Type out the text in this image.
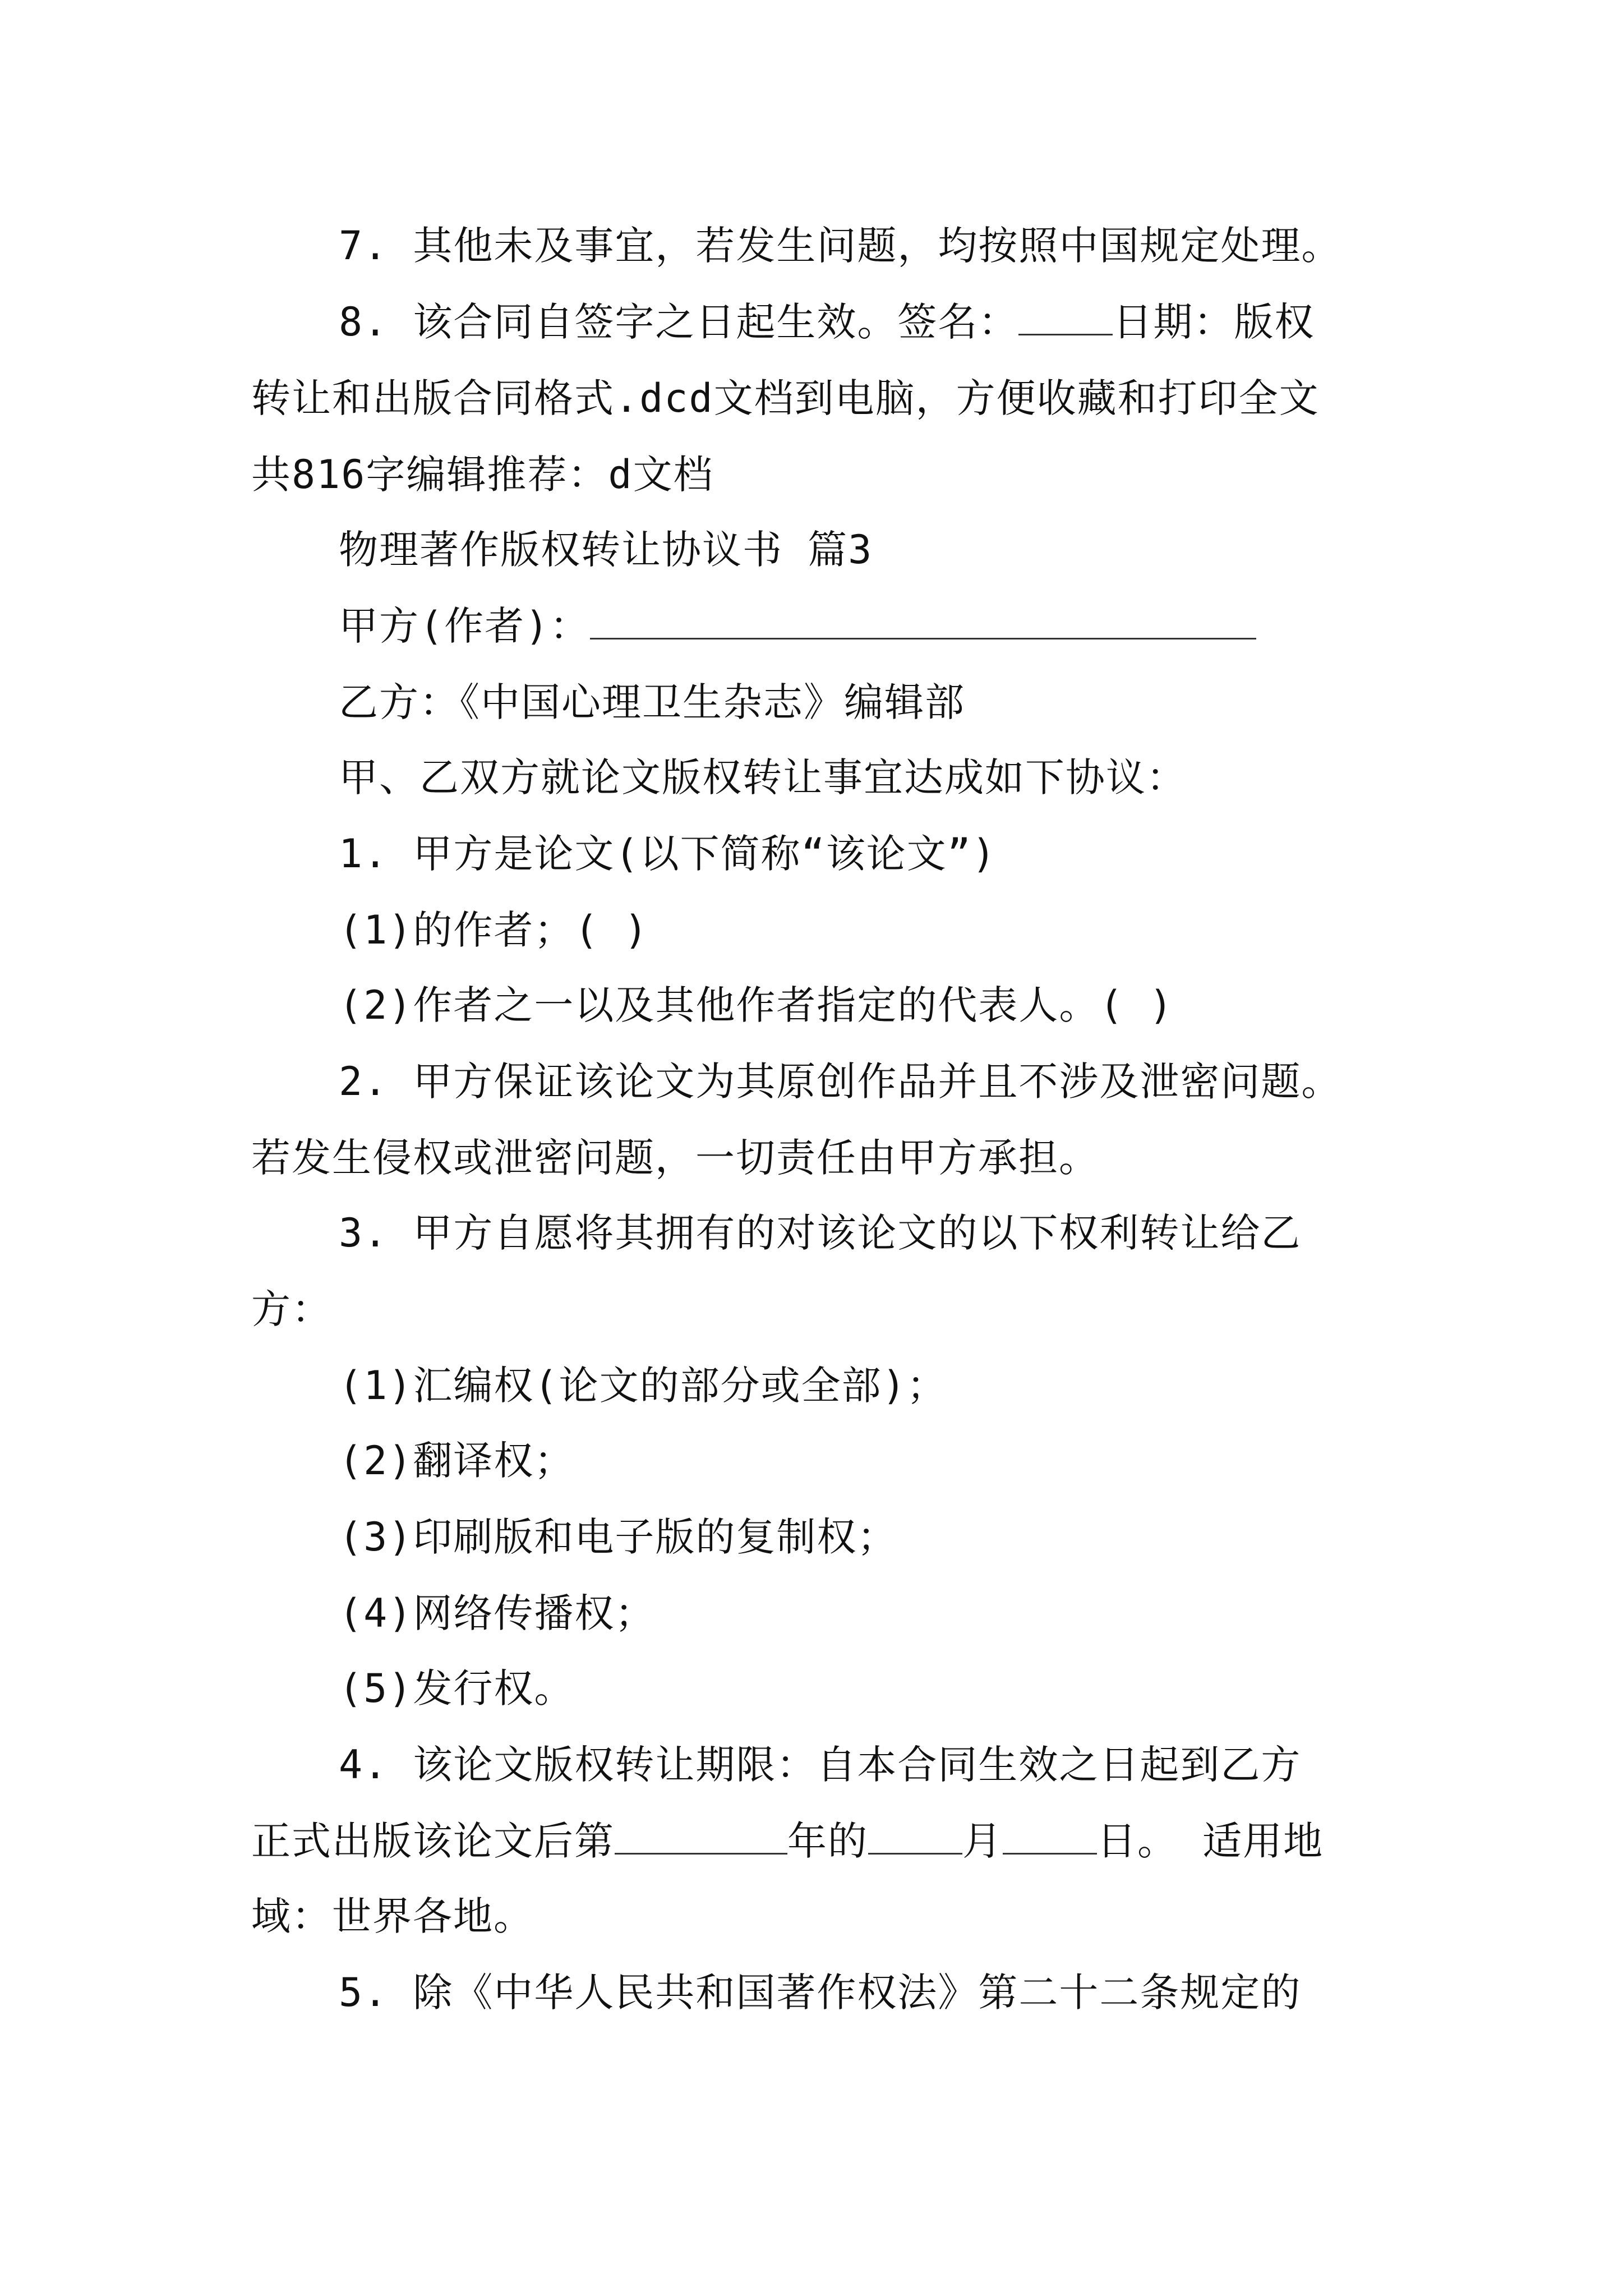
7. 其他未及事宜，若发生问题，均按照中国规定处理。
8. 该合同自签字之日起生效。签名： 日期：版权
转让和出版合同格式.dcd文档到电脑，方便收藏和打印全文
共816字编辑推荐：d文档
物理著作版权转让协议书 篇3
甲方(作者)：
乙方：《中国心理卫生杂志》编辑部
甲、乙双方就论文版权转让事宜达成如下协议：
1. 甲方是论文(以下简称“该论文”)
(1)的作者；( )
(2)作者之一以及其他作者指定的代表人。( )
2. 甲方保证该论文为其原创作品并且不涉及泄密问题。
若发生侵权或泄密问题，一切责任由甲方承担。
3. 甲方自愿将其拥有的对该论文的以下权利转让给乙
方：
(1)汇编权(论文的部分或全部)；
(2)翻译权；
(3)印刷版和电子版的复制权；
(4)网络传播权；
(5)发行权。
4. 该论文版权转让期限：自本合同生效之日起到乙方
正式出版该论文后第	年的 月 日。 适用地
域：世界各地。
5. 除《中华人民共和国著作权法》第二十二条规定的
